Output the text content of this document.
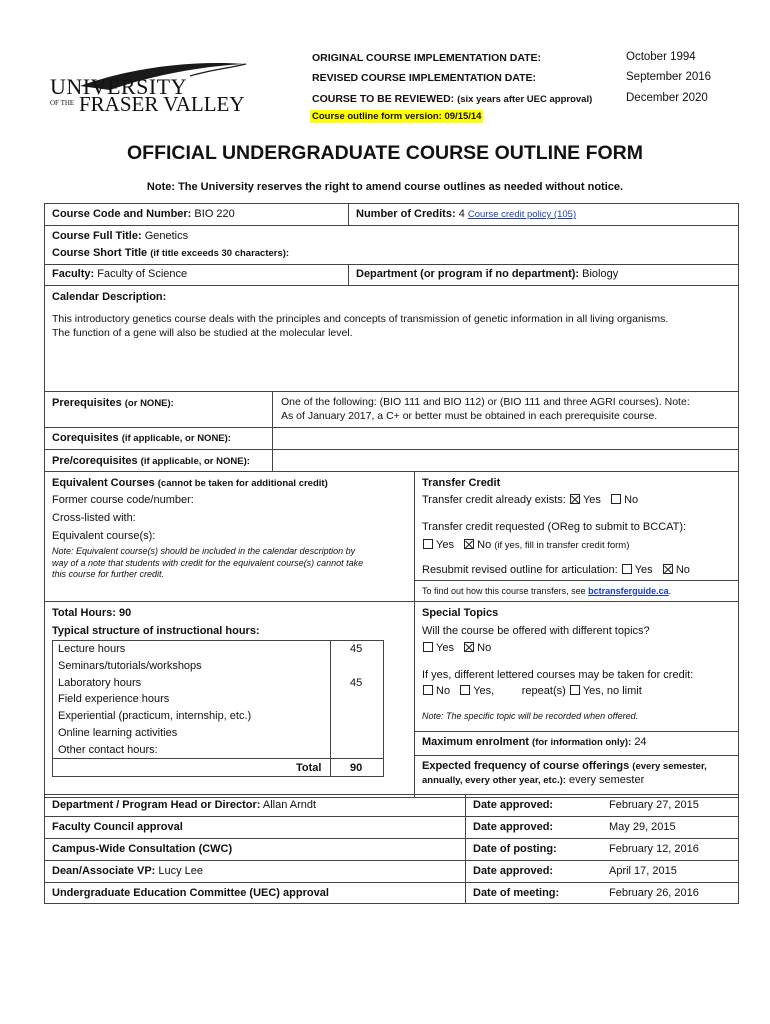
UNIVERSITY
OF THE FRASER VALLEY
ORIGINAL COURSE IMPLEMENTATION DATE:	October 1994
REVISED COURSE IMPLEMENTATION DATE:	September 2016
COURSE TO BE REVIEWED: (six years after UEC approval)	December 2020
Course outline form version: 09/15/14
OFFICIAL UNDERGRADUATE COURSE OUTLINE FORM
Note: The University reserves the right to amend course outlines as needed without notice.
Course Code and Number: BIO 220	Number of Credits: 4 Course credit policy (105)
Course Full Title: Genetics
Course Short Title (if title exceeds 30 characters):
Faculty: Faculty of Science	Department (or program if no department): Biology
Calendar Description:
This introductory genetics course deals with the principles and concepts of transmission of genetic information in all living organisms.
The function of a gene will also be studied at the molecular level.
Prerequisites (or NONE):	One of the following: (BIO 111 and BIO 112) or (BIO 111 and three AGRI courses). Note:
As of January 2017, a C+ or better must be obtained in each prerequisite course.
Corequisites (if applicable, or NONE):
Pre/corequisites (if applicable, or NONE):
Equivalent Courses (cannot be taken for additional credit)
Former course code/number:
Cross-listed with:
Equivalent course(s):
Note: Equivalent course(s) should be included in the calendar description by
way of a note that students with credit for the equivalent course(s) cannot take
this course for further credit.
Transfer Credit
Transfer credit already exists: Yes No
Transfer credit requested (OReg to submit to BCCAT):
Yes No (if yes, fill in transfer credit form)
Resubmit revised outline for articulation: Yes No
To find out how this course transfers, see bctransferguide.ca.
Total Hours: 90
Typical structure of instructional hours:
Lecture hours	45
Seminars/tutorials/workshops
Laboratory hours	45
Field experience hours
Experiential (practicum, internship, etc.)
Online learning activities
Other contact hours:
Total	90
Special Topics
Will the course be offered with different topics?
Yes No
If yes, different lettered courses may be taken for credit:
No Yes,	repeat(s) Yes, no limit
Note: The specific topic will be recorded when offered.
Maximum enrolment (for information only): 24
Expected frequency of course offerings (every semester,
annually, every other year, etc.): every semester
Department / Program Head or Director: Allan Arndt	Date approved:	February 27, 2015
Faculty Council approval	Date approved:	May 29, 2015
Campus-Wide Consultation (CWC)	Date of posting:	February 12, 2016
Dean/Associate VP: Lucy Lee	Date approved:	April 17, 2015
Undergraduate Education Committee (UEC) approval	Date of meeting:	February 26, 2016
